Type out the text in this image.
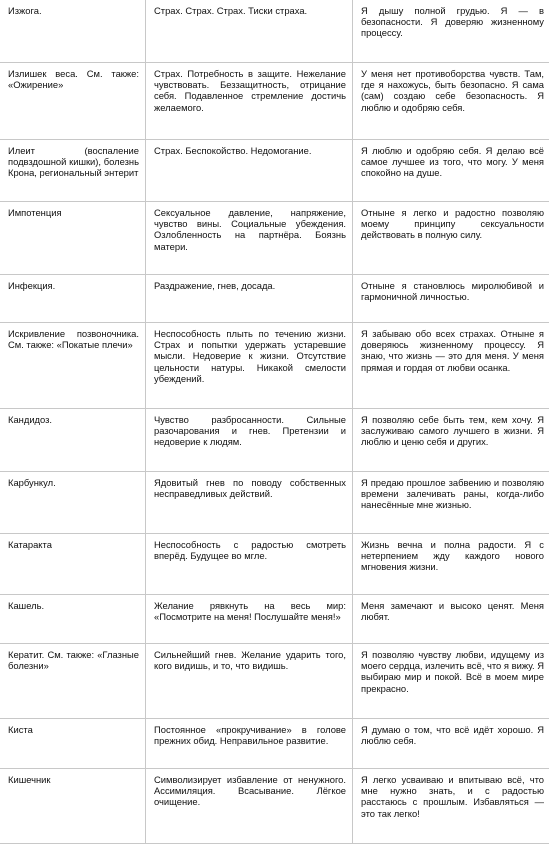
Изжога.	Страх. Страх. Страх. Тиски страха.	Я дышу полной грудью. Я — в безопасности. Я доверяю жизненному процессу.
Излишек веса. См. также: «Ожирение»	Страх. Потребность в защите. Нежелание чувствовать. Беззащитность, отрицание себя. Подавленное стремление достичь желаемого.	У меня нет противоборства чувств. Там, где я нахожусь, быть безопасно. Я сама (сам) создаю себе безопасность. Я люблю и одобряю себя.
Илеит (воспаление подвздошной кишки), болезнь Крона, региональный энтерит	Страх. Беспокойство. Недомогание.	Я люблю и одобряю себя. Я делаю всё самое лучшее из того, что могу. У меня спокойно на душе.
Импотенция	Сексуальное давление, напряжение, чувство вины. Социальные убеждения. Озлобленность на партнёра. Боязнь матери.	Отныне я легко и радостно позволяю моему принципу сексуальности действовать в полную силу.
Инфекция.	Раздражение, гнев, досада.	Отныне я становлюсь миролюбивой и гармоничной личностью.
Искривление позвоночника. См. также: «Покатые плечи»	Неспособность плыть по течению жизни. Страх и попытки удержать устаревшие мысли. Недоверие к жизни. Отсутствие цельности натуры. Никакой смелости убеждений.	Я забываю обо всех страхах. Отныне я доверяюсь жизненному процессу. Я знаю, что жизнь — это для меня. У меня прямая и гордая от любви осанка.
Кандидоз.	Чувство разбросанности. Сильные разочарования и гнев. Претензии и недоверие к людям.	Я позволяю себе быть тем, кем хочу. Я заслуживаю самого лучшего в жизни. Я люблю и ценю себя и других.
Карбункул.	Ядовитый гнев по поводу собственных несправедливых действий.	Я предаю прошлое забвению и позволяю времени залечивать раны, когда-либо нанесённые мне жизнью.
Катаракта	Неспособность с радостью смотреть вперёд. Будущее во мгле.	Жизнь вечна и полна радости. Я с нетерпением жду каждого нового мгновения жизни.
Кашель.	Желание рявкнуть на весь мир: «Посмотрите на меня! Послушайте меня!»	Меня замечают и высоко ценят. Меня любят.
Кератит. См. также: «Глазные болезни»	Сильнейший гнев. Желание ударить того, кого видишь, и то, что видишь.	Я позволяю чувству любви, идущему из моего сердца, излечить всё, что я вижу. Я выбираю мир и покой. Всё в моем мире прекрасно.
Киста	Постоянное «прокручивание» в голове прежних обид. Неправильное развитие.	Я думаю о том, что всё идёт хорошо. Я люблю себя.
Кишечник	Символизирует избавление от ненужного. Ассимиляция. Всасывание. Лёгкое очищение.	Я легко усваиваю и впитываю всё, что мне нужно знать, и с радостью расстаюсь с прошлым. Избавляться — это так легко!
